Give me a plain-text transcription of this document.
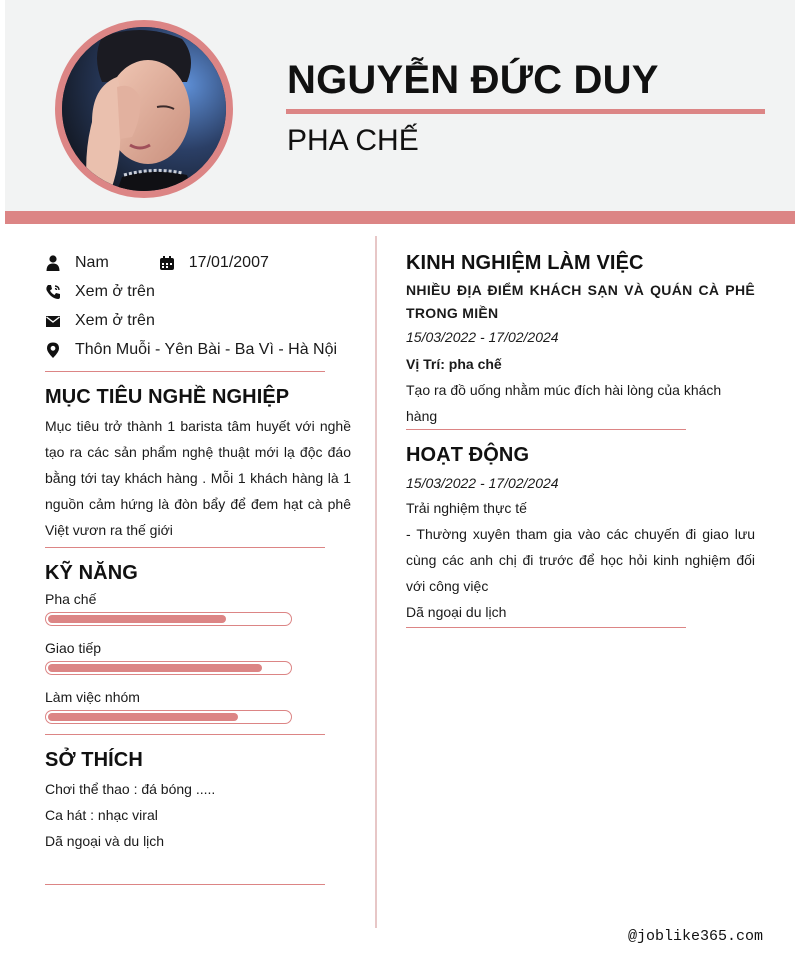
NGUYỄN ĐỨC DUY
PHA CHẾ
Nam	17/01/2007
Xem ở trên
Xem ở trên
Thôn Muỗi - Yên Bài - Ba Vì - Hà Nội
MỤC TIÊU NGHỀ NGHIỆP
Mục tiêu trở thành 1 barista tâm huyết với nghề tạo ra các sản phẩm nghệ thuật mới lạ độc đáo bằng tới tay khách hàng . Mỗi 1 khách hàng là 1 nguồn cảm hứng là đòn bẩy để đem hạt cà phê Việt vươn ra thế giới
KỸ NĂNG
Pha chế
Giao tiếp
Làm việc nhóm
SỞ THÍCH
Chơi thể thao : đá bóng .....
Ca hát : nhạc viral
Dã ngoại và du lịch
KINH NGHIỆM LÀM VIỆC
NHIỀU ĐỊA ĐIỂM KHÁCH SẠN VÀ QUÁN CÀ PHÊ TRONG MIỀN
15/03/2022 - 17/02/2024
Vị Trí: pha chế
Tạo ra đồ uống nhằm múc đích hài lòng của khách hàng
HOẠT ĐỘNG
15/03/2022 - 17/02/2024
Trải nghiệm thực tế
- Thường xuyên tham gia vào các chuyến đi giao lưu cùng các anh chị đi trước để học hỏi kinh nghiệm đối với công việc
Dã ngoại du lịch
@joblike365.com
